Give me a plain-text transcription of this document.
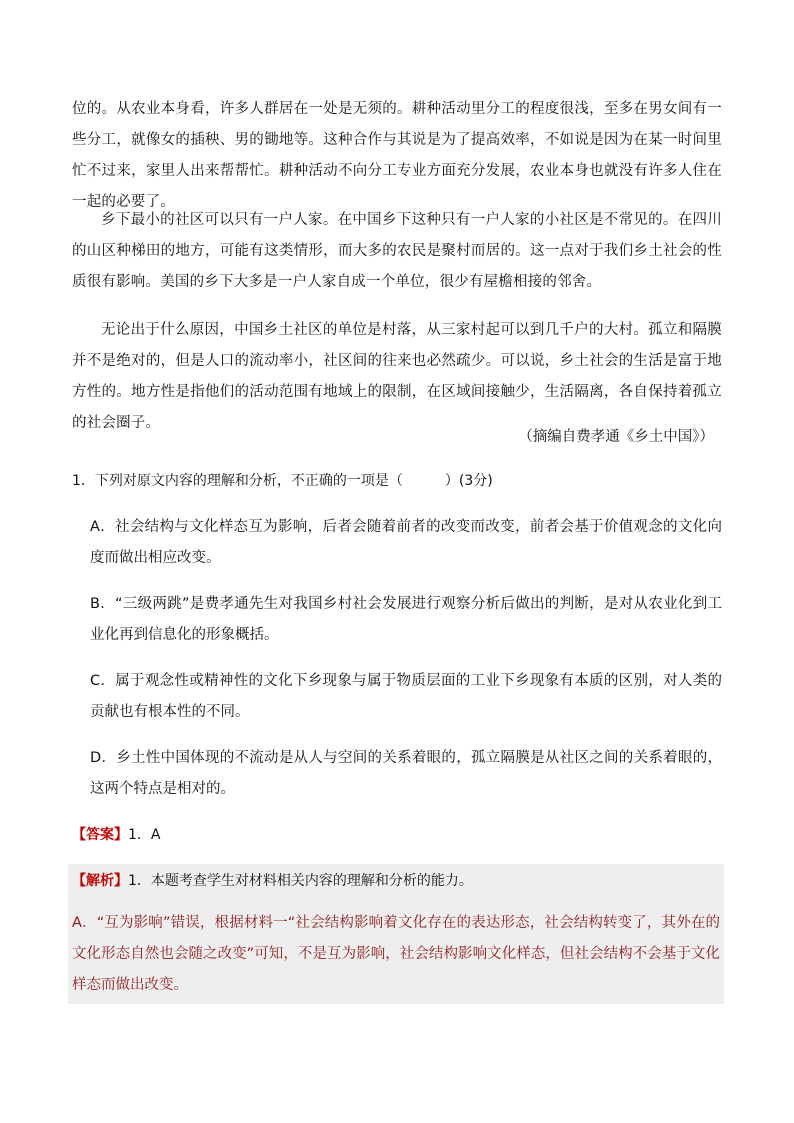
位的。从农业本身看，许多人群居在一处是无须的。耕种活动里分工的程度很浅，至多在男女间有一些分工，就像女的插秧、男的锄地等。这种合作与其说是为了提高效率，不如说是因为在某一时间里忙不过来，家里人出来帮帮忙。耕种活动不向分工专业方面充分发展，农业本身也就没有许多人住在一起的必要了。
乡下最小的社区可以只有一户人家。在中国乡下这种只有一户人家的小社区是不常见的。在四川的山区种梯田的地方，可能有这类情形，而大多的农民是聚村而居的。这一点对于我们乡土社会的性质很有影响。美国的乡下大多是一户人家自成一个单位，很少有屋檐相接的邻舍。
无论出于什么原因，中国乡土社区的单位是村落，从三家村起可以到几千户的大村。孤立和隔膜并不是绝对的，但是人口的流动率小，社区间的往来也必然疏少。可以说，乡土社会的生活是富于地方性的。地方性是指他们的活动范围有地域上的限制，在区域间接触少，生活隔离，各自保持着孤立的社会圈子。
（摘编自费孝通《乡土中国》）
1．下列对原文内容的理解和分析，不正确的一项是（　　　）(3分)
A．社会结构与文化样态互为影响，后者会随着前者的改变而改变，前者会基于价值观念的文化向度而做出相应改变。
B．“三级两跳”是费孝通先生对我国乡村社会发展进行观察分析后做出的判断，是对从农业化到工业化再到信息化的形象概括。
C．属于观念性或精神性的文化下乡现象与属于物质层面的工业下乡现象有本质的区别，对人类的贡献也有根本性的不同。
D．乡土性中国体现的不流动是从人与空间的关系着眼的，孤立隔膜是从社区之间的关系着眼的，这两个特点是相对的。
【答案】1．A
【解析】1．本题考查学生对材料相关内容的理解和分析的能力。
A．“互为影响”错误，根据材料一“社会结构影响着文化存在的表达形态，社会结构转变了，其外在的文化形态自然也会随之改变”可知，不是互为影响，社会结构影响文化样态，但社会结构不会基于文化样态而做出改变。
